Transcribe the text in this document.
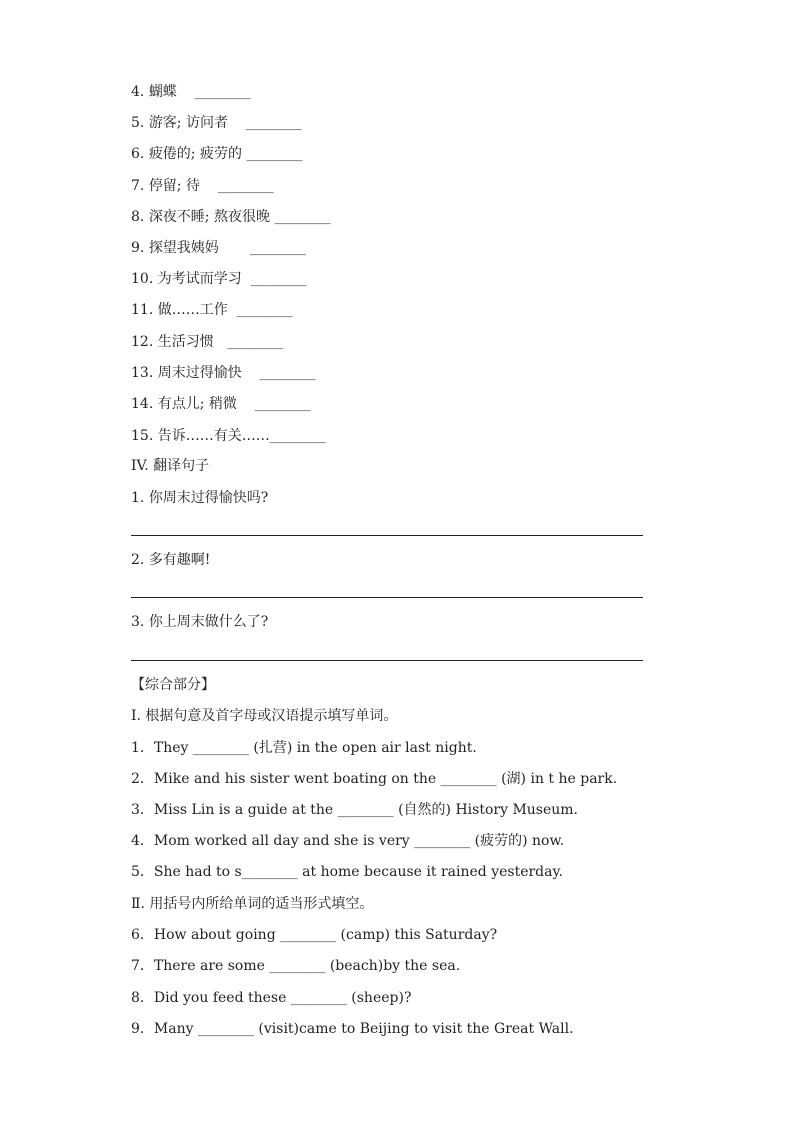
4. 蝴蝶 ________
5. 游客; 访问者 ________
6. 疲倦的; 疲劳的 ________
7. 停留; 待 ________
8. 深夜不睡; 熬夜很晚 ________
9. 探望我姨妈 ________
10. 为考试而学习 ________
11. 做……工作 ________
12. 生活习惯 ________
13. 周末过得愉快 ________
14. 有点儿; 稍微 ________
15. 告诉……有关……________
IV. 翻译句子
1. 你周末过得愉快吗?
2. 多有趣啊!
3. 你上周末做什么了?
【综合部分】
Ⅰ. 根据句意及首字母或汉语提示填写单词。
1．They ________ (扎营) in the open air last night.
2．Mike and his sister went boating on the ________ (湖) in t he park.
3．Miss Lin is a guide at the ________ (自然的) History Museum.
4．Mom worked all day and she is very ________ (疲劳的) now.
5．She had to s________ at home because it rained yesterday.
Ⅱ. 用括号内所给单词的适当形式填空。
6．How about going ________ (camp) this Saturday?
7．There are some ________ (beach)by the sea.
8．Did you feed these ________ (sheep)?
9．Many ________ (visit)came to Beijing to visit the Great Wall.
